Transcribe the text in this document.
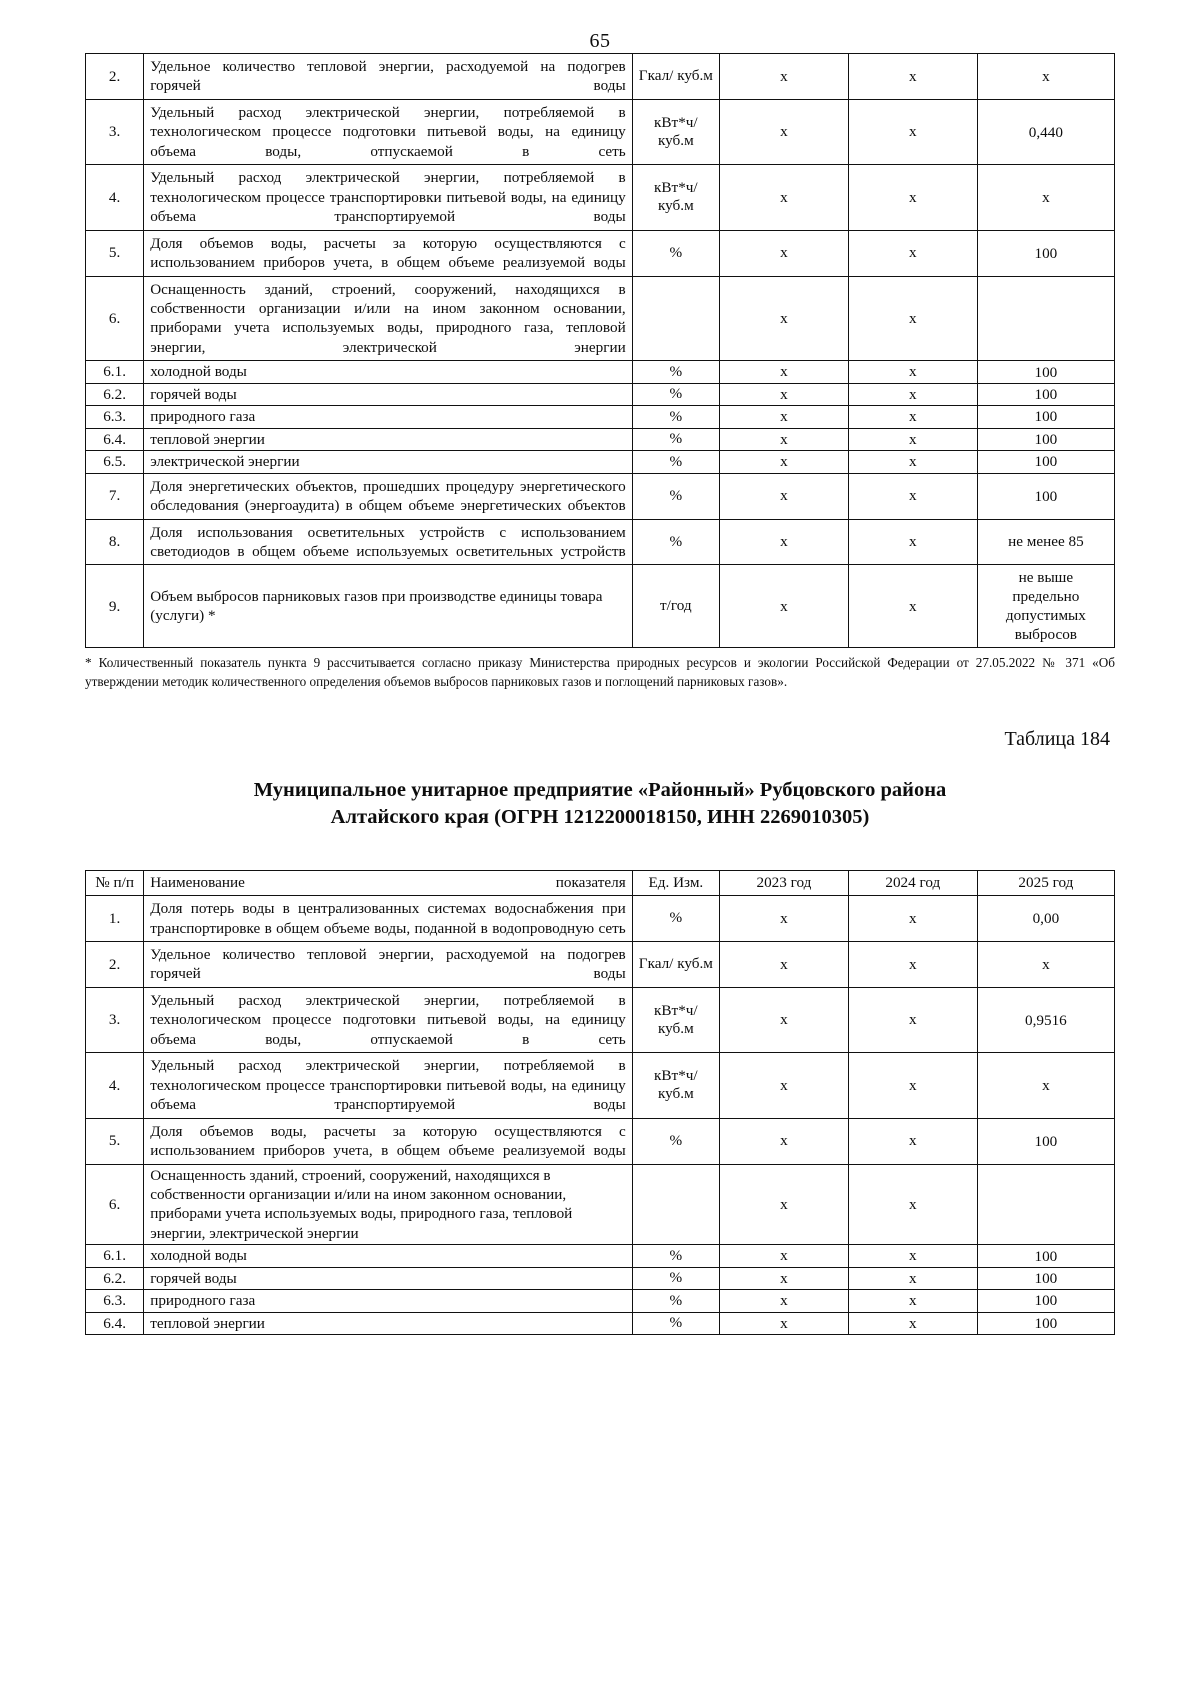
65
2.	Удельное количество тепловой энергии, расходуемой на подогрев горячей воды	Гкал/ куб.м	x	x	x
3.	Удельный расход электрической энергии, потребляемой в технологическом процессе подготовки питьевой воды, на единицу объема воды, отпускаемой в сеть	кВт*ч/ куб.м	x	x	0,440
4.	Удельный расход электрической энергии, потребляемой в технологическом процессе транспортировки питьевой воды, на единицу объема транспортируемой воды	кВт*ч/ куб.м	x	x	x
5.	Доля объемов воды, расчеты за которую осуществляются с использованием приборов учета, в общем объеме реализуемой воды	%	x	x	100
6.	Оснащенность зданий, строений, сооружений, находящихся в собственности организации и/или на ином законном основании, приборами учета используемых воды, природного газа, тепловой энергии, электрической энергии		x	x	
6.1.	холодной воды	%	x	x	100
6.2.	горячей воды	%	x	x	100
6.3.	природного газа	%	x	x	100
6.4.	тепловой энергии	%	x	x	100
6.5.	электрической энергии	%	x	x	100
7.	Доля энергетических объектов, прошедших процедуру энергетического обследования (энергоаудита) в общем объеме энергетических объектов	%	x	x	100
8.	Доля использования осветительных устройств с использованием светодиодов в общем объеме используемых осветительных устройств	%	x	x	не менее 85
9.	Объем выбросов парниковых газов при производстве единицы товара (услуги) *	т/год	x	x	не выше предельно допустимых выбросов
* Количественный показатель пункта 9 рассчитывается согласно приказу Министерства природных ресурсов и экологии Российской Федерации от 27.05.2022 № 371 «Об утверждении методик количественного определения объемов выбросов парниковых газов и поглощений парниковых газов».
Таблица 184
Муниципальное унитарное предприятие «Районный» Рубцовского района
Алтайского края (ОГРН 1212200018150, ИНН 2269010305)
№ п/п	Наименование показателя	Ед. Изм.	2023 год	2024 год	2025 год
1.	Доля потерь воды в централизованных системах водоснабжения при транспортировке в общем объеме воды, поданной в водопроводную сеть	%	x	x	0,00
2.	Удельное количество тепловой энергии, расходуемой на подогрев горячей воды	Гкал/ куб.м	x	x	x
3.	Удельный расход электрической энергии, потребляемой в технологическом процессе подготовки питьевой воды, на единицу объема воды, отпускаемой в сеть	кВт*ч/ куб.м	x	x	0,9516
4.	Удельный расход электрической энергии, потребляемой в технологическом процессе транспортировки питьевой воды, на единицу объема транспортируемой воды	кВт*ч/ куб.м	x	x	x
5.	Доля объемов воды, расчеты за которую осуществляются с использованием приборов учета, в общем объеме реализуемой воды	%	x	x	100
6.	Оснащенность зданий, строений, сооружений, находящихся в собственности организации и/или на ином законном основании, приборами учета используемых воды, природного газа, тепловой энергии, электрической энергии		x	x	
6.1.	холодной воды	%	x	x	100
6.2.	горячей воды	%	x	x	100
6.3.	природного газа	%	x	x	100
6.4.	тепловой энергии	%	x	x	100
